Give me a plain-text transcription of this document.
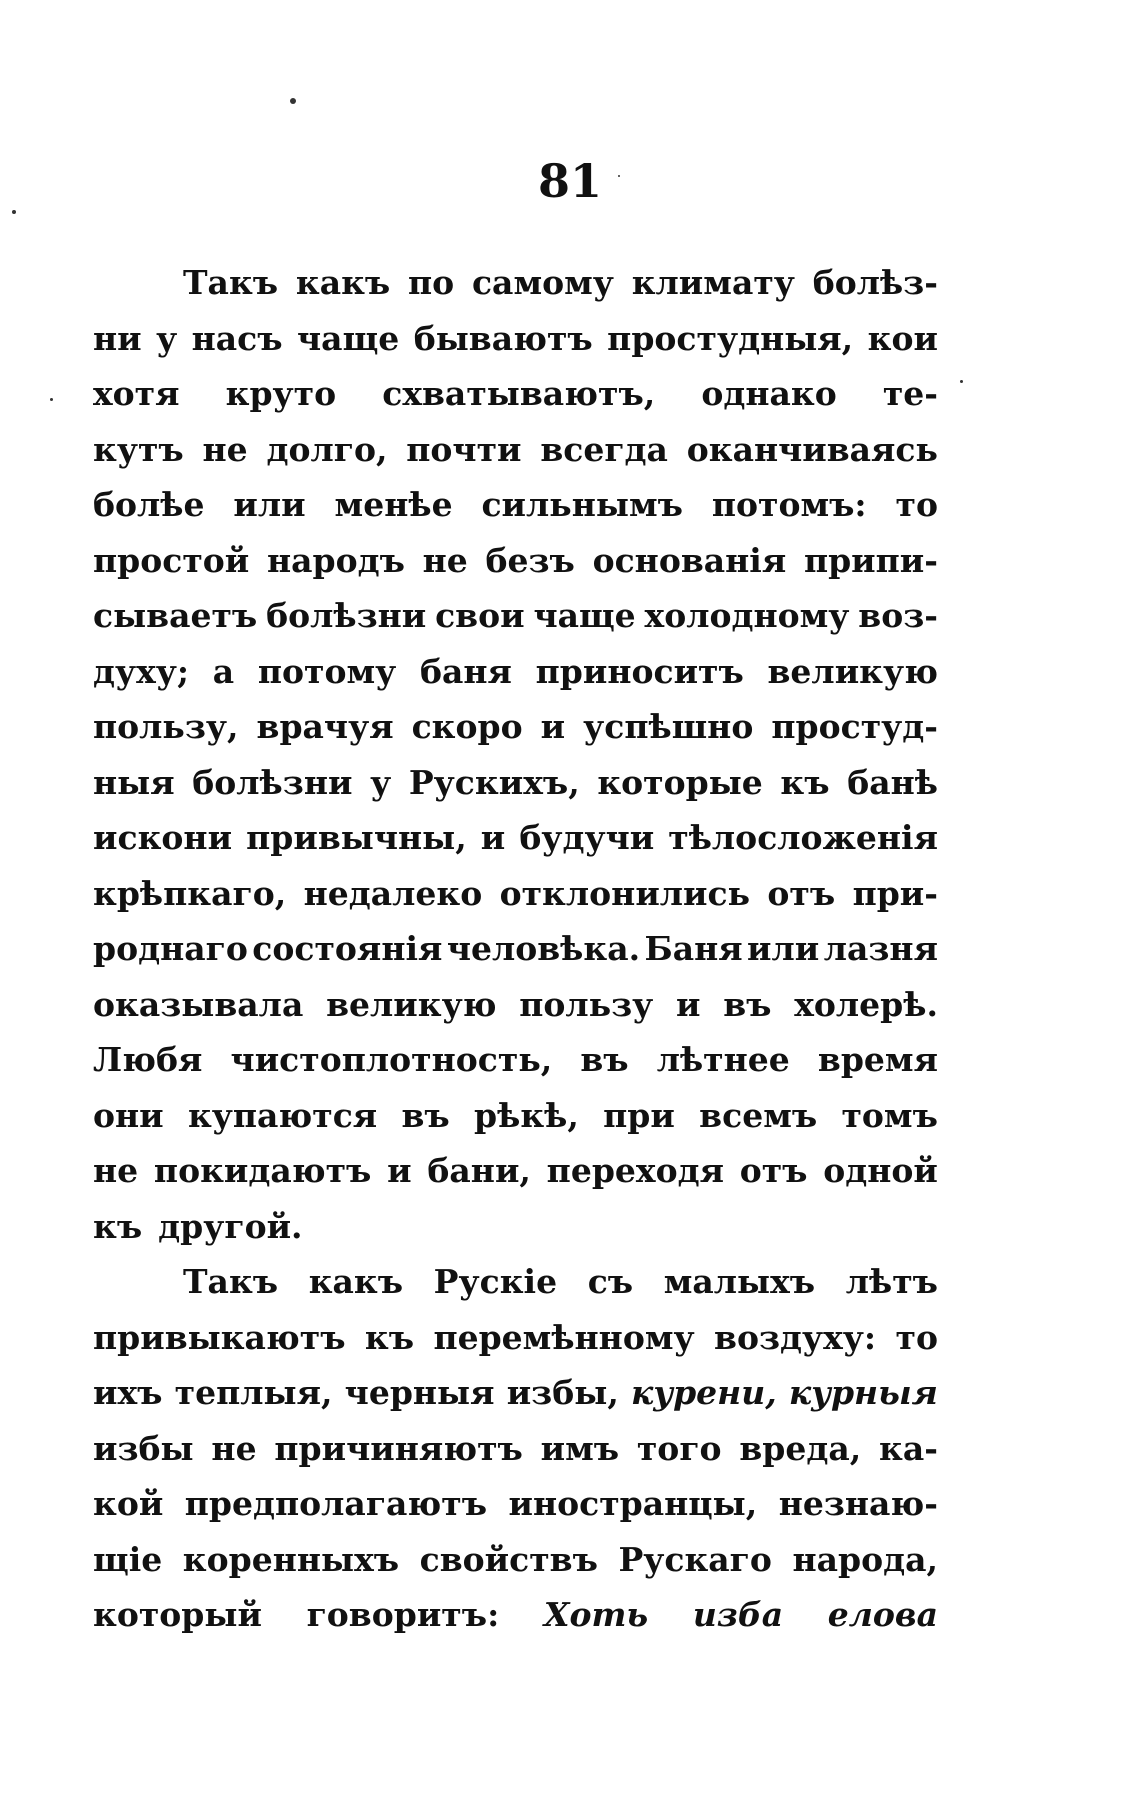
81

Такъ какъ по самому климату болѣз-
ни у насъ чаще бываютъ простудныя, кои
хотя круто схватываютъ, однако те-
кутъ не долго, почти всегда оканчиваясь
болѣе или менѣе сильнымъ потомъ: то
простой народъ не безъ основанія припи-
сываетъ болѣзни свои чаще холодному воз-
духу; а потому баня приноситъ великую
пользу, врачуя скоро и успѣшно простуд-
ныя болѣзни у Рускихъ, которые къ банѣ
искони привычны, и будучи тѣлосложенія
крѣпкаго, недалеко отклонились отъ при-
роднаго состоянія человѣка. Баня или лазня
оказывала великую пользу и въ холерѣ.
Любя чистоплотность, въ лѣтнее время
они купаются въ рѣкѣ, при всемъ томъ
не покидаютъ и бани, переходя отъ одной
къ другой.
Такъ какъ Рускіе съ малыхъ лѣтъ
привыкаютъ къ перемѣнному воздуху: то
ихъ теплыя, черныя избы, курени, курныя
избы не причиняютъ имъ того вреда, ка-
кой предполагаютъ иностранцы, незнаю-
щіе коренныхъ свойствъ Рускаго народа,
который говоритъ: Хоть изба елова
